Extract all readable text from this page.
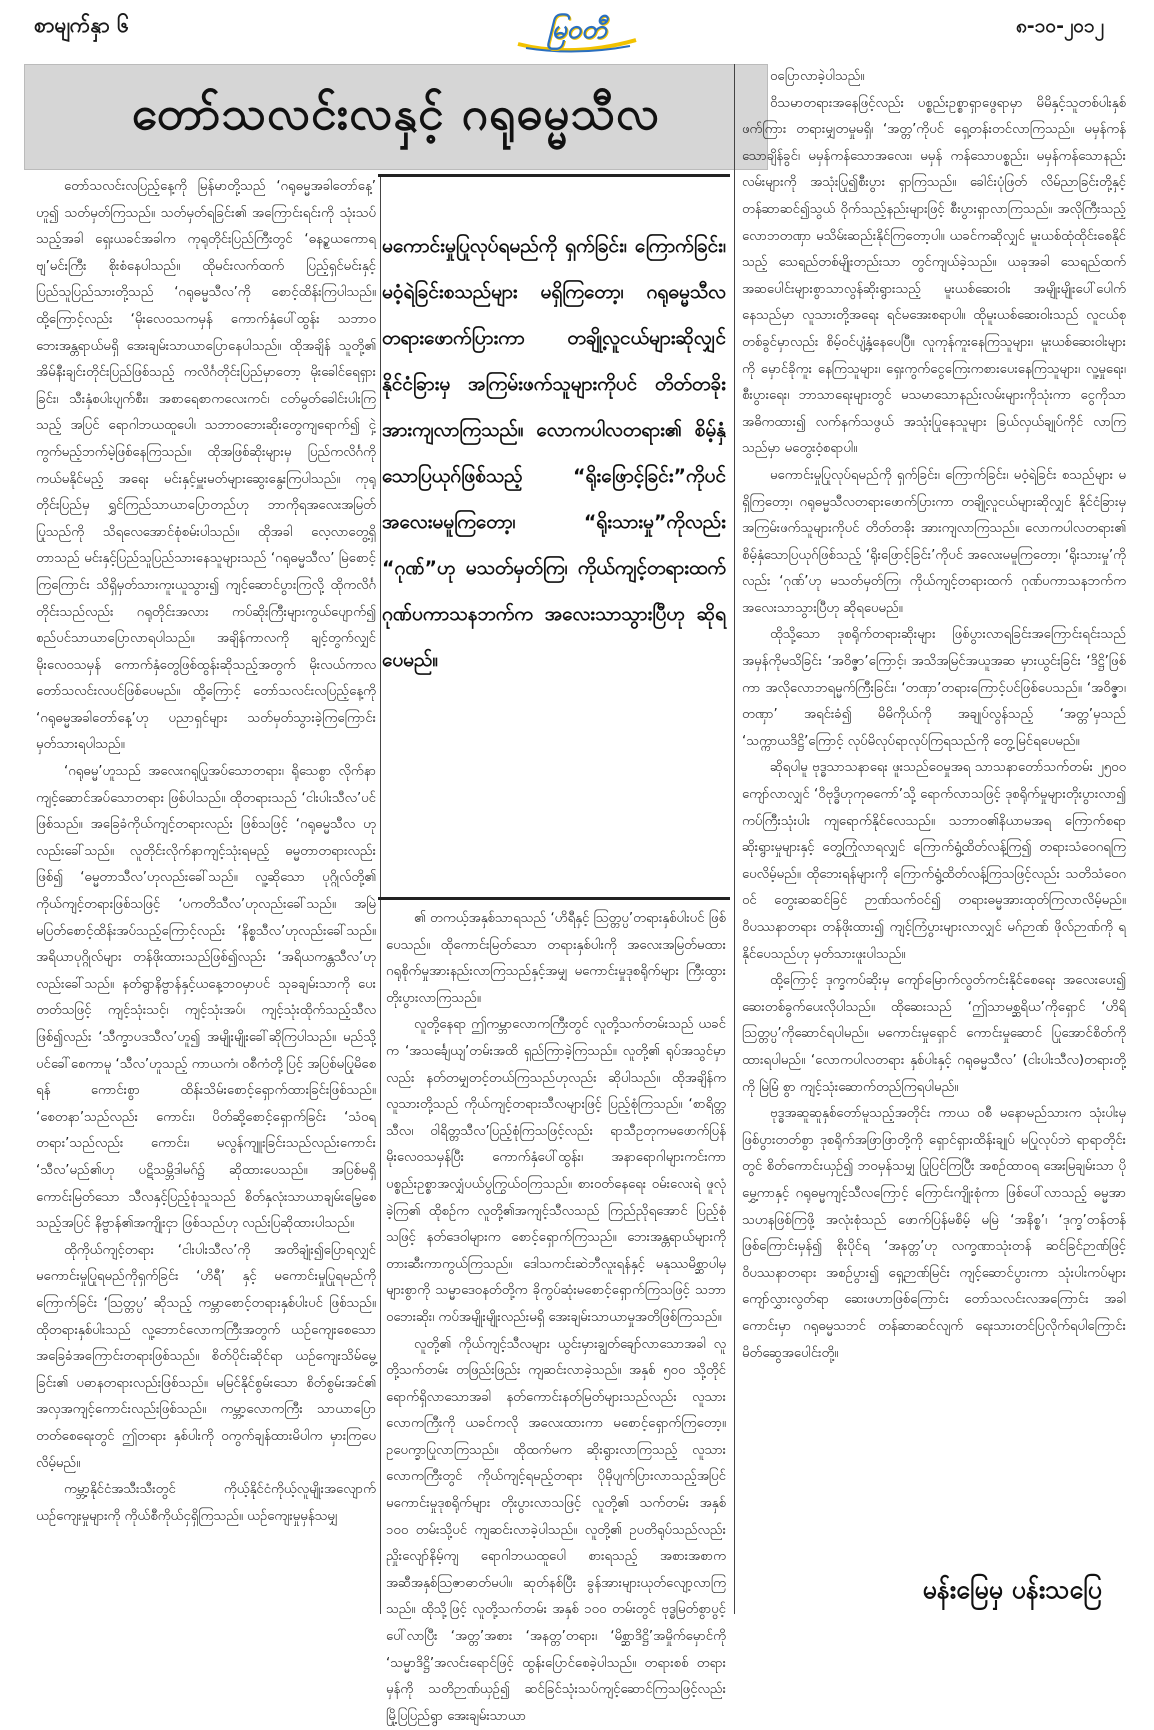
စာမျက်နှာ ၆	မြဝတီ	၈-၁၀-၂၀၁၂
တော်သလင်းလနှင့် ဂရုဓမ္မသီလ

တော်သလင်းလပြည့်နေ့ကို မြန်မာတို့သည် ‘ဂရုဓမ္မအခါတော်နေ့’ ဟူ၍ သတ်မှတ်ကြသည်။ သတ်မှတ်ရခြင်း၏ အကြောင်းရင်းကို သုံးသပ်သည့်အခါ ရှေးယခင်အခါက ကုရုတိုင်းပြည်ကြီးတွင် ‘ဓနဉ္စယကောရဗျ’မင်းကြီး စိုးစံနေပါသည်။ ထိုမင်းလက်ထက် ပြည့်ရှင်မင်းနှင့် ပြည်သူပြည်သားတို့သည် ‘ဂရုဓမ္မသီလ’ကို စောင့်ထိန်းကြပါသည်။ ထို့ကြောင့်လည်း ‘မိုးလေဝသကမှန် ကောက်နှံပေါ်ထွန်း သဘာဝဘေးအန္တရာယ်မရှိ အေးချမ်းသာယာပြောနေပါသည်။ ထိုအချိန် သူတို့၏ အိမ်နီးချင်းတိုင်းပြည်ဖြစ်သည့် ကလိင်္ဂတိုင်းပြည်မှာတော့ မိုးခေါင်ရေရှားခြင်း၊ သီးနှံစပါးပျက်စီး၊ အစာရေစာကလေးကင်၊ ငတ်မွတ်ခေါင်းပါးကြသည့် အပြင် ရောဂါဘယထူပေါ၊ သဘာဝဘေးဆိုးတွေကျရောက်၍ ငှဲ့ကွက်မည့်ဘက်မဲ့ဖြစ်နေကြသည်။ ထိုအဖြစ်ဆိုးများမှ ပြည်ကလိင်္ဂကို ကယ်မနိုင်မည့် အရေး မင်းနှင့်မှူးမတ်များဆွေးနွေးကြပါသည်။ ကုရုတိုင်းပြည်မှ ရွှင်ကြည်သာယာပြောတည်ဟု ဘာကိုရအလေးအမြတ်ပြုသည်ကို သိရလေအောင်စုံစမ်းပါသည်။ ထိုအခါ လေ့လာတွေ့ရှိတာသည် မင်းနှင့်ပြည်သူပြည်သားနေသူများသည် ‘ဂရုဓမ္မသီလ’ မြဲစောင့်ကြကြောင်း သိရှိမှတ်သားကူးယူသွား၍ ကျင့်ဆောင်ပွားကြလို့ ထိုကလိင်္ဂတိုင်းသည်လည်း ဂရုတိုင်းအလား ကပ်ဆိုးကြီးများကွယ်ပျောက်၍ စည်ပင်သာယာပြောလာရပါသည်။ အချိန်ကာလကို ချင့်တွက်လျှင် မိုးလေဝသမှန် ကောက်နှံတွေဖြစ်ထွန်းဆိုသည့်အတွက် မိုးလယ်ကာလ တော်သလင်းလပင်ဖြစ်ပေမည်။ ထို့ကြောင့် တော်သလင်းလပြည့်နေ့ကို ‘ဂရုဓမ္မအခါတော်နေ့’ဟု ပညာရှင်များ သတ်မှတ်သွားခဲ့ကြကြောင်း မှတ်သားရပါသည်။

‘ဂရုဓမ္မ’ဟူသည် အလေးဂရုပြုအပ်သောတရား၊ ရိုသေစွာ လိုက်နာကျင့်ဆောင်အပ်သောတရား ဖြစ်ပါသည်။ ထိုတရားသည် ‘ငါးပါးသီလ’ပင်ဖြစ်သည်။ အခြေခံကိုယ်ကျင့်တရားလည်း ဖြစ်သဖြင့် ‘ဂရုဓမ္မသီလ ဟုလည်းခေါ်သည်။ လူတိုင်းလိုက်နာကျင့်သုံးရမည့် ဓမ္မတာတရားလည်းဖြစ်၍ ‘ဓမ္မတာသီလ’ဟုလည်းခေါ်သည်။ လူ့ဆိုသော ပုဂ္ဂိုလ်တို့၏ ကိုယ်ကျင့်တရားဖြစ်သဖြင့် ‘ပကတိသီလ’ဟုလည်းခေါ်သည်။ အမြဲမပြတ်စောင့်ထိန်းအပ်သည့်ကြောင့်လည်း ‘နိစ္စသီလ’ဟုလည်းခေါ်သည်။ အရိယာပုဂ္ဂိုလ်များ တန်ဖိုးထားသည်ဖြစ်၍လည်း ‘အရိယကန္တသီလ’ဟုလည်းခေါ်သည်။ နတ်ရွာနိဗ္ဗာန်နှင့်ယနေ့ဘဝမှာပင် သုခချမ်းသာကို ပေးတတ်သဖြင့် ကျင့်သုံးသင့်၊ ကျင့်သုံးအပ်၊ ကျင့်သုံးထိုက်သည့်သီလဖြစ်၍လည်း ‘သီက္ခာပဒသီလ’ဟူ၍ အမျိုးမျိုးခေါ်ဆိုကြပါသည်။ မည်သို့ပင်ခေါ်စေကာမူ ‘သီလ’ဟူသည့် ကာယကံ၊ ဝစီကံတို့ပြင့် အပြစ်မပြုမိစေရန် ကောင်းစွာ ထိန်းသိမ်းစောင့်ရှောက်ထားခြင်းဖြစ်သည်။ ‘စေတနာ’သည်လည်း ကောင်း၊ ပိတ်ဆို့စောင့်ရှောက်ခြင်း ‘သံဝရတရား’သည်လည်း ကောင်း၊ မလွန်ကျူးခြင်းသည်လည်းကောင်း ‘သီလ’မည်၏ဟု ပဋိသမ္ဘိဒါမဂ်၌ ဆိုထားပေသည်။ အပြစ်မရှိ ကောင်းမြတ်သော သီလနှင့်ပြည့်စုံသူသည် စိတ်နှလုံးသာယာချမ်းမြေ့စေသည့်အပြင် နိဗ္ဗာန်၏အကျိုးငှာ ဖြစ်သည်ဟု လည်းပြဆိုထားပါသည်။

ထိုကိုယ်ကျင့်တရား ‘ငါးပါးသီလ’ကို အတိချုံး၍ပြောရလျှင် မကောင်းမှုပြုရမည်ကိုရှက်ခြင်း ‘ဟိရီ’ နှင့် မကောင်းမှုပြုရမည်ကို ကြောက်ခြင်း ‘ဩတ္တပ္ပ’ ဆိုသည့် ကမ္ဘာစောင့်တရားနှစ်ပါးပင် ဖြစ်သည်။ ထိုတရားနှစ်ပါးသည် လူ့ဘောင်လောကကြီးအတွက် ယဉ်ကျေးစေသော အခြေခံအကြောင်းတရားဖြစ်သည်။ စိတ်ပိုင်းဆိုင်ရာ ယဉ်ကျေးသိမ်မွေ့ခြင်း၏ ပဓာနတရားလည်းဖြစ်သည်။ မမြင်နိုင်စွမ်းသော စိတ်စွမ်းအင်၏ အလှအကျင့်ကောင်းလည်းဖြစ်သည်။ ကမ္ဘာ့လောကကြီး သာယာပြောတတ်စေရေးတွင် ဤတရား နှစ်ပါးကို ဝကွက်ချန်ထားမိပါက မှားကြပေလိမ့်မည်။

ကမ္ဘာ့နိုင်ငံအသီးသီးတွင် ကိုယ့်နိုင်ငံကိုယ့်လူမျိုးအလျောက် ယဉ်ကျေးမှုများကို ကိုယ်စီကိုယ်ငှရှိကြသည်။ ယဉ်ကျေးမှုမှန်သမျှ

မကောင်းမှုပြုလုပ်ရမည်ကို ရှက်ခြင်း၊ ကြောက်ခြင်း၊ မဝံ့ရဲခြင်းစသည်များ မရှိကြတော့၊ ဂရုဓမ္မသီလတရားဖောက်ပြားကာ တချို့လူငယ်များဆိုလျှင် နိုင်ငံခြားမှ အကြမ်းဖက်သူများကိုပင် တိတ်တခိုး အားကျလာကြသည်။ လောကပါလတရား၏ စိမ့်နှံသောပြယုဂ်ဖြစ်သည့် “ရိုးဖြောင့်ခြင်း”ကိုပင် အလေးမမူကြတော့၊ “ရိုးသားမှု”ကိုလည်း “ဂုဏ်”ဟု မသတ်မှတ်ကြ၊ ကိုယ်ကျင့်တရားထက် ဂုဏ်ပကာသနဘက်က အလေးသာသွားပြီဟု ဆိုရပေမည်။

၏ တကယ့်အနှစ်သာရသည် ‘ဟိရီနှင့် ဩတ္တပ္ပ’တရားနှစ်ပါးပင် ဖြစ်ပေသည်။ ထိုကောင်းမြတ်သော တရားနှစ်ပါးကို အလေးအမြတ်မထား ဂရုစိုက်မှုအားနည်းလာကြသည်နှင့်အမျှ မကောင်းမှုဒုစရိုက်များ ကြီးထွားတိုးပွားလာကြသည်။

လူတို့နေရာ ဤကမ္ဘာလောကကြီးတွင် လူတို့သက်တမ်းသည် ယခင်က ‘အသင်္ချေယျ’တမ်းအထိ ရှည်ကြာခဲ့ကြသည်။ လူတို့၏ ရုပ်အသွင်မှာလည်း နတ်တမျှတင့်တယ်ကြသည်ဟုလည်း ဆိုပါသည်။ ထိုအချိန်က လူသားတို့သည် ကိုယ်ကျင့်တရားသီလများဖြင့် ပြည့်စုံကြသည်။ ‘စာရိတ္တသီလ၊ ဝါရိတ္တသီလ’ပြည့်စုံကြသဖြင့်လည်း ရာသီဥတုကမဖောက်ပြန် မိုးလေဝသမှန်ပြီး ကောက်နှံပေါ်ထွန်း၊ အနာရောဂါများကင်းကာ ပစ္စည်းဥစ္စာအလျှံပယ်ပွကြွယ်ဝကြသည်။ စားဝတ်နေရေး ဝမ်းလေးရဲ ဖူလုံခဲ့ကြ၏ ထိုစဉ်က လူတို့၏အကျင့်သီလသည် ကြည်ညိုရအောင် ပြည့်စုံသဖြင့် နတ်ဒေဝါများက စောင့်ရှောက်ကြသည်။ ဘေးအန္တရာယ်များကို တားဆီးကာကွယ်ကြသည်။ ဒေါသကင်းဆဲဘီလူးရန်နှင့် မနုဿမိစ္ဆာပါမှများစွာကို သမ္မာဒေဝနတ်တို့က ခိုကွပ်ဆုံးမစောင့်ရှောက်ကြသဖြင့် သဘာဝဘေးဆိုး၊ ကပ်အမျိုးမျိုးလည်းမရှိ အေးချမ်းသာယာမှုအတိဖြစ်ကြသည်။

လူတို့၏ ကိုယ်ကျင့်သီလများ ယွင်းမှားချွတ်ချော်လာသောအခါ လူတို့သက်တမ်း တဖြည်းဖြည်း ကျဆင်းလာခဲ့သည်။ အနှစ် ၅၀၀ သို့တိုင် ရောက်ရှိလာသောအခါ နတ်ကောင်းနတ်မြတ်များသည်လည်း လူသားလောကကြီးကို ယခင်ကလို အလေးထားကာ မစောင့်ရှောက်ကြတော့။ ဥပေက္ခာပြုလာကြသည်။ ထိုထက်မက ဆိုးရွားလာကြသည့် လူသားလောကကြီးတွင် ကိုယ်ကျင့်ရမည့်တရား ပိုမိုပျက်ပြားလာသည့်အပြင် မကောင်းမှုဒုစရိုက်များ တိုးပွားလာသဖြင့် လူတို့၏ သက်တမ်း အနှစ် ၁၀၀ တမ်းသို့ပင် ကျဆင်းလာခဲ့ပါသည်။ လူတို့၏ ဥပတိရုပ်သည်လည်း ညှိုးလျော်နိမ့်ကျ ရောဂါဘယထူပေါ စားရသည့် အစားအစာက အဆီအနှစ်ဩဇာဓာတ်မပါ။ ဆုတ်နစ်ပြီး ခွန်အားများယုတ်လျော့လာကြသည်။ ထိုသို့ဖြင့် လူတို့သက်တမ်း အနှစ် ၁၀၀ တမ်းတွင် ဗုဒ္ဓမြတ်စွာပွင့်ပေါ်လာပြီး ‘အတ္တ’အစား ‘အနတ္တ’တရား၊ ‘မိစ္ဆာဒိဋ္ဌိ’အမှိုက်မှောင်ကို ‘သမ္မာဒိဋ္ဌိ’အလင်းရောင်ဖြင့် ထွန်းပြောင်စေခဲ့ပါသည်။ တရားစစ် တရားမှန်ကို သတိဉာဏ်ယှဉ်၍ ဆင်ခြင်သုံးသပ်ကျင့်ဆောင်ကြသဖြင့်လည်း မြို့ပြပြည်ရွာ အေးချမ်းသာယာ

ဝပြောလာခဲ့ပါသည်။

ဝိသမာတရားအနေဖြင့်လည်း ပစ္စည်းဥစ္စာရှာဖွေရာမှာ မိမိနှင့်သူတစ်ပါးနှစ်ဖက်ကြား တရားမျှတမှုမရှိ၊ ‘အတ္တ’ကိုပင် ရှေ့တန်းတင်လာကြသည်။ မမှန်ကန်သောချိန်ခွင်၊ မမှန်ကန်သောအလေး၊ မမှန် ကန်သောပစ္စည်း၊ မမှန်ကန်သောနည်းလမ်းများကို အသုံးပြု၍စီးပွား ရှာကြသည်။ ခေါင်းပုံဖြတ် လိမ်ညာခြင်းတို့နှင့် တန်ဆာဆင်၍သွယ် ဝိုက်သည့်နည်းများဖြင့် စီးပွားရှာလာကြသည်။ အလိုကြီးသည့်လောဘတဏှာ မသိမ်းဆည်းနိုင်ကြတော့ပါ။ ယခင်ကဆိုလျှင် မူးယစ်ထုံထိုင်းစေနိုင်သည့် သေရည်တစ်မျိုးတည်းသာ တွင်ကျယ်ခဲ့သည်။ ယခုအခါ သေရည်ထက် အဆပေါင်းများစွာသာလွန်ဆိုးရွားသည့် မူးယစ်ဆေးဝါး အမျိုးမျိုးပေါ်ပေါက်နေသည်မှာ လူသားတို့အရေး ရင်မအေးစရာပါ။ ထိုမူးယစ်ဆေးဝါးသည် လူငယ်စုတစ်ခွင်မှာလည်း စိမ့်ဝင်ပျံ့နှံ့နေပေပြီ။ လူကုန်ကူးနေကြသူများ၊ မူးယစ်ဆေးဝါးများကို မှောင်ခိုကူး နေကြသူများ၊ ရှေးကွက်ငွေကြေးကစားပေးနေကြသူများ၊ လူ့မှုရေး၊ စီးပွားရေး၊ ဘာသာရေးများတွင် မသမာသောနည်းလမ်းများကိုသုံးကာ ငွေကိုသာ အဓိကထား၍ လက်နက်သဖွယ် အသုံးပြုနေသူများ ခြယ်လှယ်ချုပ်ကိုင် လာကြသည်မှာ မတွေးဝံ့စရာပါ။

မကောင်းမှုပြုလုပ်ရမည်ကို ရှက်ခြင်း၊ ကြောက်ခြင်း၊ မဝံ့ရဲခြင်း စသည်များ မရှိကြတော့၊ ဂရုဓမ္မသီလတရားဖောက်ပြားကာ တချို့လူငယ်များဆိုလျှင် နိုင်ငံခြားမှ အကြမ်းဖက်သူများကိုပင် တိတ်တခိုး အားကျလာကြသည်။ လောကပါလတရား၏ စိမ့်နှံသောပြယုဂ်ဖြစ်သည့် ‘ရိုးဖြောင့်ခြင်း’ကိုပင် အလေးမမူကြတော့၊ ‘ရိုးသားမှု’ကိုလည်း ‘ဂုဏ်’ဟု မသတ်မှတ်ကြ၊ ကိုယ်ကျင့်တရားထက် ဂုဏ်ပကာသနဘက်က အလေးသာသွားပြီဟု ဆိုရပေမည်။

ထိုသို့သော ဒုစရိုက်တရားဆိုးများ ဖြစ်ပွားလာရခြင်းအကြောင်းရင်းသည် အမှန်ကိုမသိခြင်း ‘အဝိဇ္ဇာ’ကြောင့်၊ အသိအမြင်အယူအဆ မှားယွင်းခြင်း ‘ဒိဋ္ဌိ’ဖြစ်ကာ အလိုလောဘရမ္မက်ကြီးခြင်း၊ ‘တဏှာ’တရားကြောင့်ပင်ဖြစ်ပေသည်။ ‘အဝိဇ္ဇာ၊ တဏှာ’ အရင်းခံ၍ မိမိကိုယ်ကို အချုပ်လွန်သည့် ‘အတ္တ’မှသည် ‘သက္ကာယဒိဋ္ဌိ’ကြောင့် လုပ်မိလုပ်ရာလုပ်ကြရသည်ကို တွေ့မြင်ရပေမည်။

ဆိုရပါမူ ဗုဒ္ဓသာသနာရေး ဖူးသည်ဝေမှုအရ သာသနာတော်သက်တမ်း ၂၅၀၀ ကျော်လာလျှင် ‘ဝိဗုဒ္ဓိဟုကုဓကော်’သို့ ရောက်လာသဖြင့် ဒုစရိုက်မှုများတိုးပွားလာ၍ ကပ်ကြီးသုံးပါး ကျရောက်နိုင်လေသည်။ သဘာဝ၏နိယာမအရ ကြောက်စရာဆိုးရွားမှုများနှင့် တွေ့ကြုံလာရလျှင် ကြောက်ရွံ့ထိတ်လန့်ကြ၍ တရားသံဝေဂရကြပေလိမ့်မည်။ ထိုဘေးရန်များကို ကြောက်ရွံ့ထိတ်လန့်ကြသဖြင့်လည်း သတိသံဝေဂဝင် တွေးဆဆင်ခြင် ဉာဏ်သက်ဝင်၍ တရားဓမ္မအားထုတ်ကြလာလိမ့်မည်။ ဝိပဿနာတရား တန်ဖိုးထား၍ ကျင့်ကြံပွားများလာလျှင် မဂ်ဉာဏ် ဖိုလ်ဉာဏ်ကို ရနိုင်ပေသည်ဟု မှတ်သားဖူးပါသည်။

ထို့ကြောင့် ဒုက္ခကပ်ဆိုးမှ ကျော်မြောက်လွတ်ကင်းနိုင်စေရေး အလေးပေး၍ ဆေးတစ်ခွက်ပေးလိုပါသည်။ ထိုဆေးသည် ‘ဤသာမစ္ဆရိယ’ကိုရှောင် ‘ဟိရိဩတ္တပ္ပ’ကိုဆောင်ရပါမည်။ မကောင်းမှုရှောင် ကောင်းမှုဆောင် ပြုအောင်စိတ်ကိုထားရပါမည်။ ‘လောကပါလတရား နှစ်ပါးနှင့် ဂရုဓမ္မသီလ’ (ငါးပါးသီလ)တရားတို့ကို မြဲမြံ စွာ ကျင့်သုံးဆောက်တည်ကြရပါမည်။

ဗုဒ္ဓအဆူဆူနှစ်တော်မူသည့်အတိုင်း ကာယ ဝစီ မနောမည်သားက သုံးပါးမှ ဖြစ်ပွားတတ်စွာ ဒုစရိုက်အဖြာဖြာတို့ကို ရှောင်ရှားထိန်းချုပ် မပြုလုပ်ဘဲ ရာရာတိုင်းတွင် စိတ်ကောင်းယှဉ်၍ ဘဝမှန်သမျှ ပြုပြင်ကြပြီး အစဉ်ထာဝရ အေးမြချမ်းသာ ပိုမွှေ့ကာနှင့် ဂရုဓမ္မကျင့်သီလကြောင့် ကြောင်းကျိုးစုံကာ ဖြစ်ပေါ်လာသည့် ဓမ္မအာသဟနဖြစ်ကြဖို့ အလုံးစုံသည် ဖောက်ပြန်မစိမ့် မမြဲ ‘အနိစ္စ’၊ ‘ဒုက္ခ’တန်တန် ဖြစ်ကြောင်းမှန်၍ စိုးပိုင်ရ ‘အနတ္တ’ဟု လက္ခဏာသုံးတန် ဆင်ခြင်ဉာဏ်ဖြင့် ဝိပဿနာတရား အစဉ်ပွား၍ ရှေ့ဉာဏ်မြင်း ကျင့်ဆောင်ပွားကာ သုံးပါးကပ်များ ကျော်လွှားလွတ်ရာ ဆေးဖဟာဖြစ်ကြောင်း တော်သလင်းလအကြောင်း အခါကောင်းမှာ ဂရုဓမ္မသဘင် တန်ဆာဆင်လျက် ရေးသားတင်ပြလိုက်ရပါကြောင်း မိတ်ဆွေအပေါင်းတို့။

မန်းမြေမှ ပန်းသပြေ
